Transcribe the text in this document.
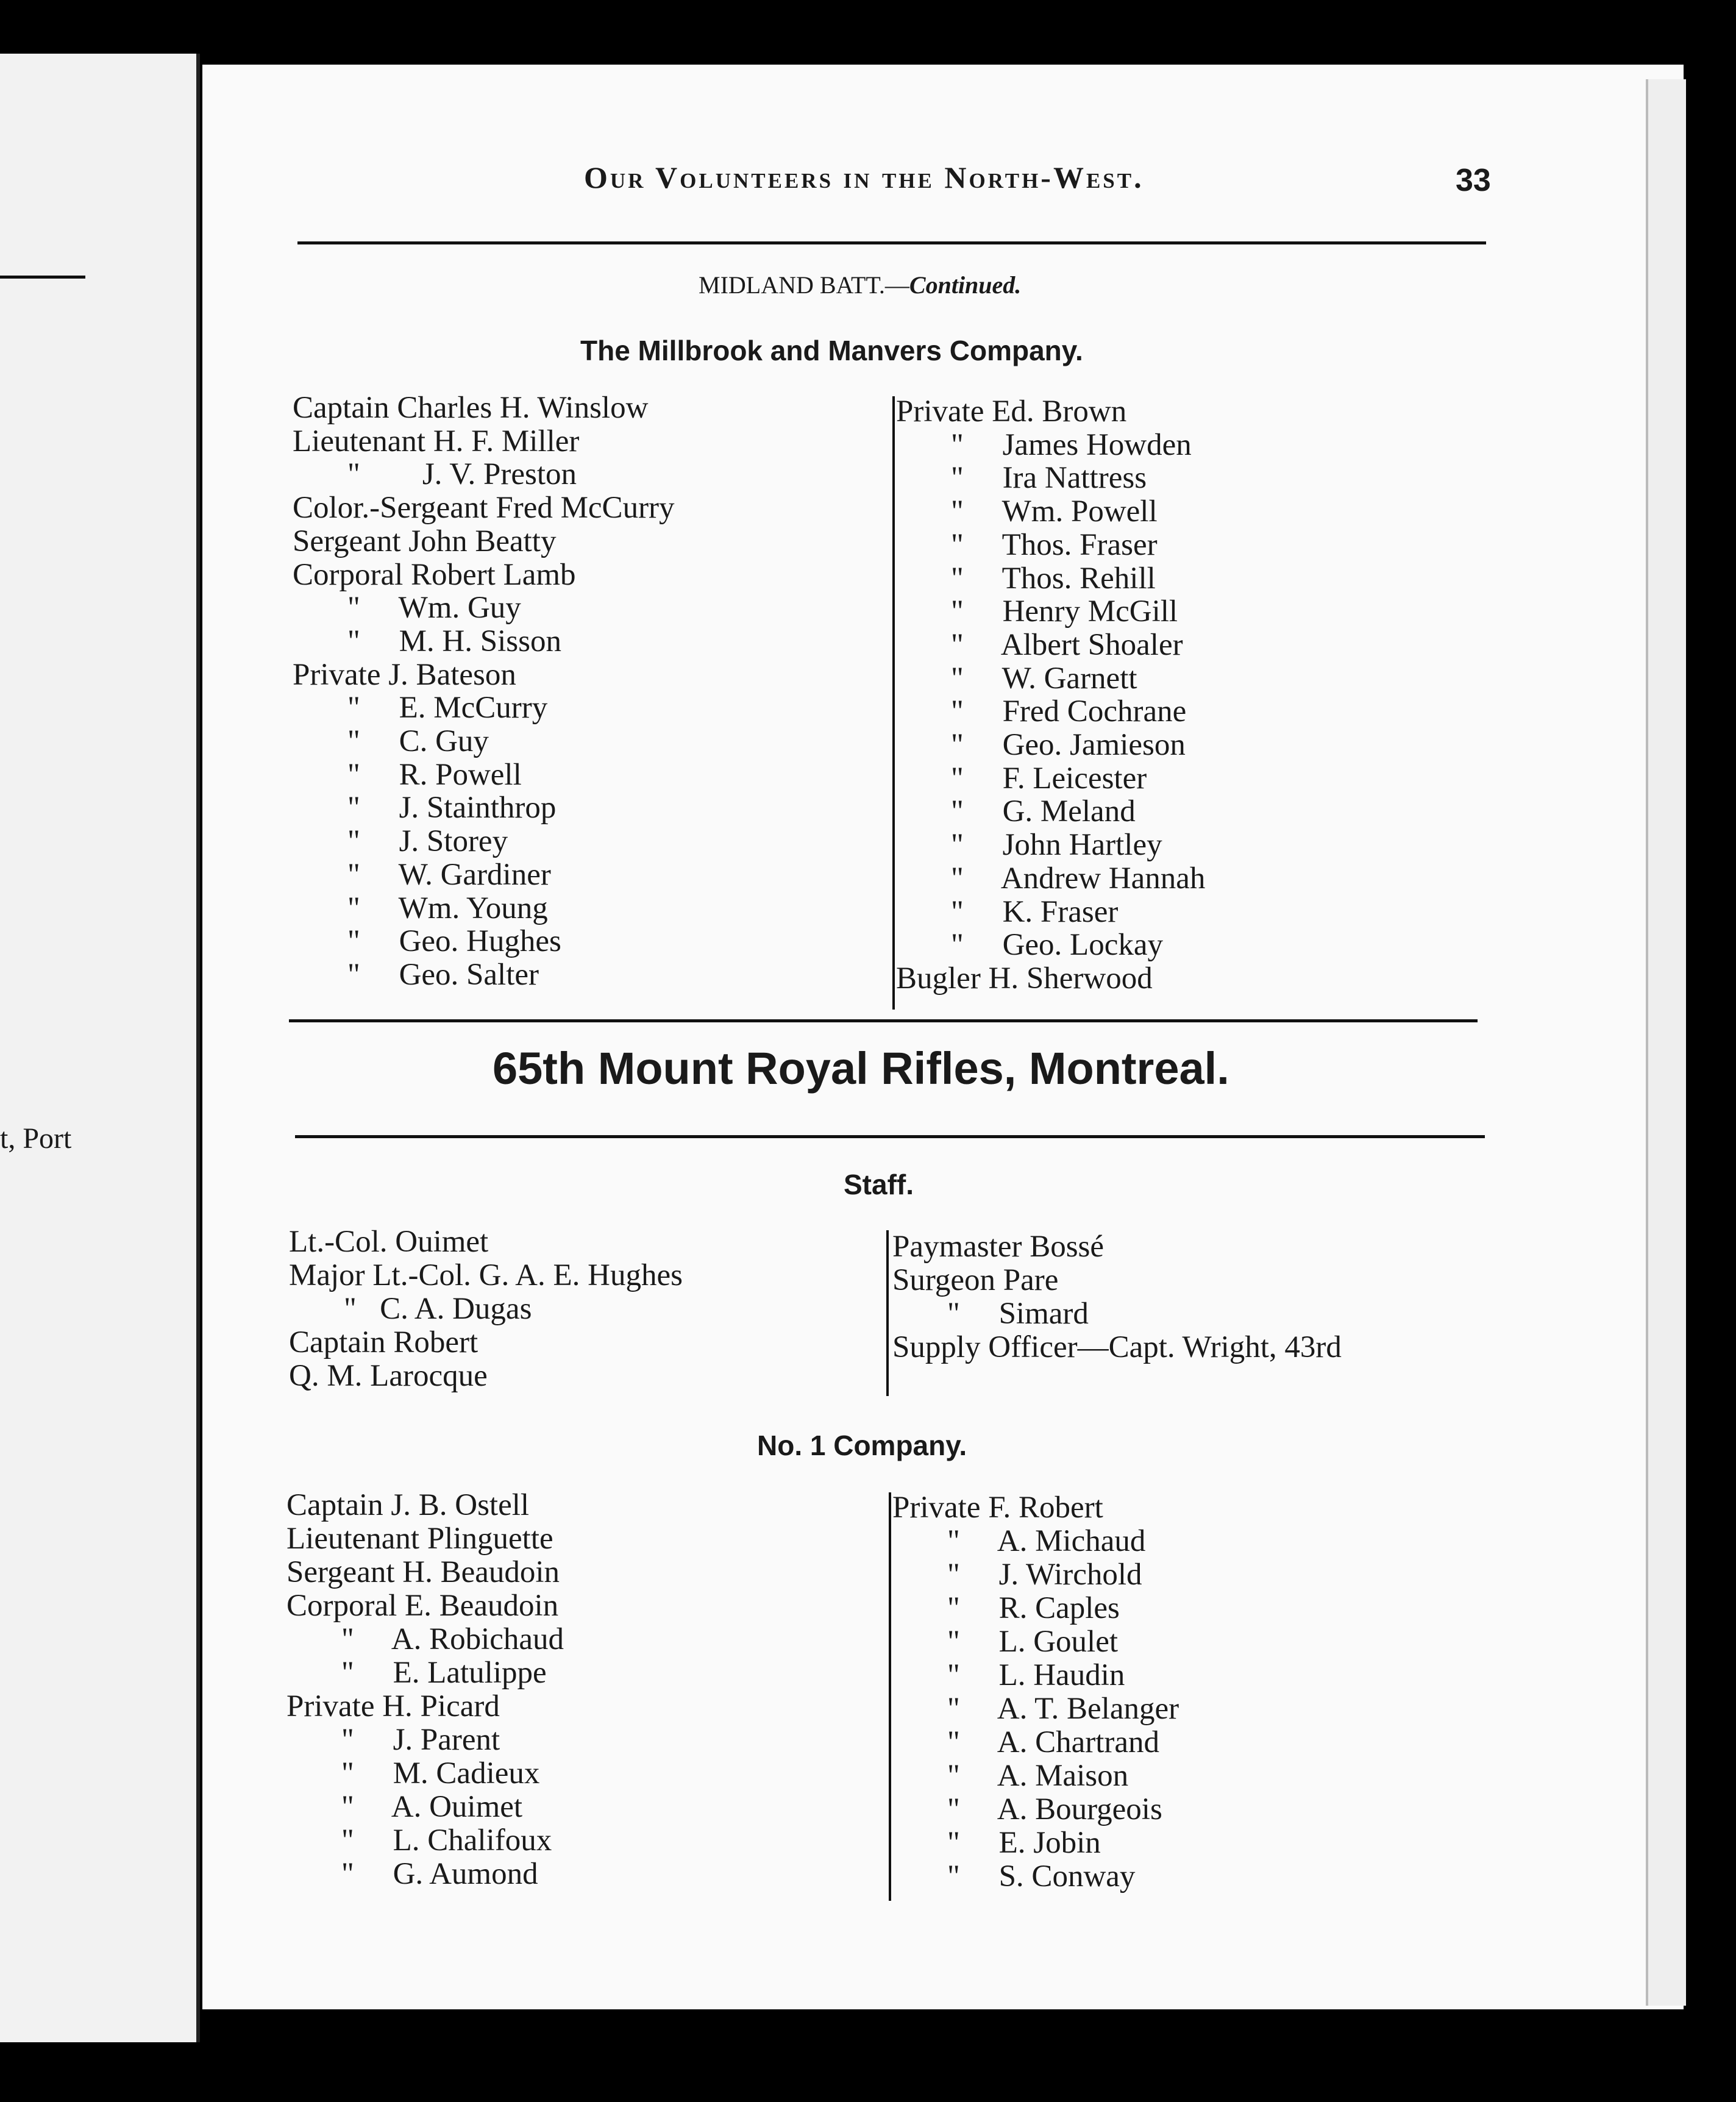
t, Port
Our Volunteers in the North-West.	33
MIDLAND BATT.—Continued.
The Millbrook and Manvers Company.
Captain Charles H. Winslow
Lieutenant H. F. Miller
"        J. V. Preston
Color.-Sergeant Fred McCurry
Sergeant John Beatty
Corporal Robert Lamb
"     Wm. Guy
"     M. H. Sisson
Private J. Bateson
"     E. McCurry
"     C. Guy
"     R. Powell
"     J. Stainthrop
"     J. Storey
"     W. Gardiner
"     Wm. Young
"     Geo. Hughes
"     Geo. Salter
Private Ed. Brown
"     James Howden
"     Ira Nattress
"     Wm. Powell
"     Thos. Fraser
"     Thos. Rehill
"     Henry McGill
"     Albert Shoaler
"     W. Garnett
"     Fred Cochrane
"     Geo. Jamieson
"     F. Leicester
"     G. Meland
"     John Hartley
"     Andrew Hannah
"     K. Fraser
"     Geo. Lockay
Bugler H. Sherwood
65th Mount Royal Rifles, Montreal.
Staff.
Lt.-Col. Ouimet
Major Lt.-Col. G. A. E. Hughes
"   C. A. Dugas
Captain Robert
Q. M. Larocque
Paymaster Bossé
Surgeon Pare
"     Simard
Supply Officer—Capt. Wright, 43rd
No. 1 Company.
Captain J. B. Ostell
Lieutenant Plinguette
Sergeant H. Beaudoin
Corporal E. Beaudoin
"     A. Robichaud
"     E. Latulippe
Private H. Picard
"     J. Parent
"     M. Cadieux
"     A. Ouimet
"     L. Chalifoux
"     G. Aumond
Private F. Robert
"     A. Michaud
"     J. Wirchold
"     R. Caples
"     L. Goulet
"     L. Haudin
"     A. T. Belanger
"     A. Chartrand
"     A. Maison
"     A. Bourgeois
"     E. Jobin
"     S. Conway
